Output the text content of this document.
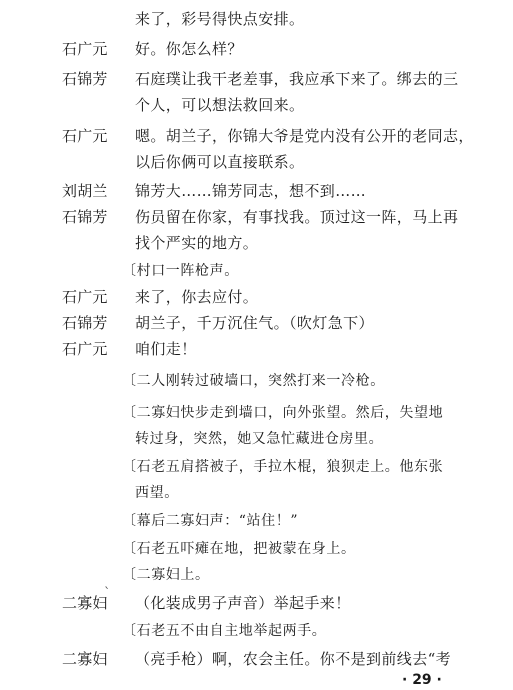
来了，彩号得快点安排。
石广元 好。你怎么样？
石锦芳 石庭璞让我干老差事，我应承下来了。绑去的三
个人，可以想法救回来。
石广元 嗯。胡兰子，你锦大爷是党内没有公开的老同志，
以后你俩可以直接联系。
刘胡兰 锦芳大……锦芳同志，想不到……
石锦芳 伤员留在你家，有事找我。顶过这一阵，马上再
找个严实的地方。
〔村口一阵枪声。
石广元 来了，你去应付。
石锦芳 胡兰子，千万沉住气。（吹灯急下）
石广元 咱们走！
〔二人刚转过破墙口，突然打来一冷枪。
〔二寡妇快步走到墙口，向外张望。然后，失望地
转过身，突然，她又急忙藏进仓房里。
〔石老五肩搭被子，手拉木棍，狼狈走上。他东张
西望。
〔幕后二寡妇声：“站住！”
〔石老五吓瘫在地，把被蒙在身上。
〔二寡妇上。
二寡妇 （化装成男子声音）举起手来！
`
〔石老五不由自主地举起两手。
二寡妇 （亮手枪）啊，农会主任。你不是到前线去“考
· 29 ·
